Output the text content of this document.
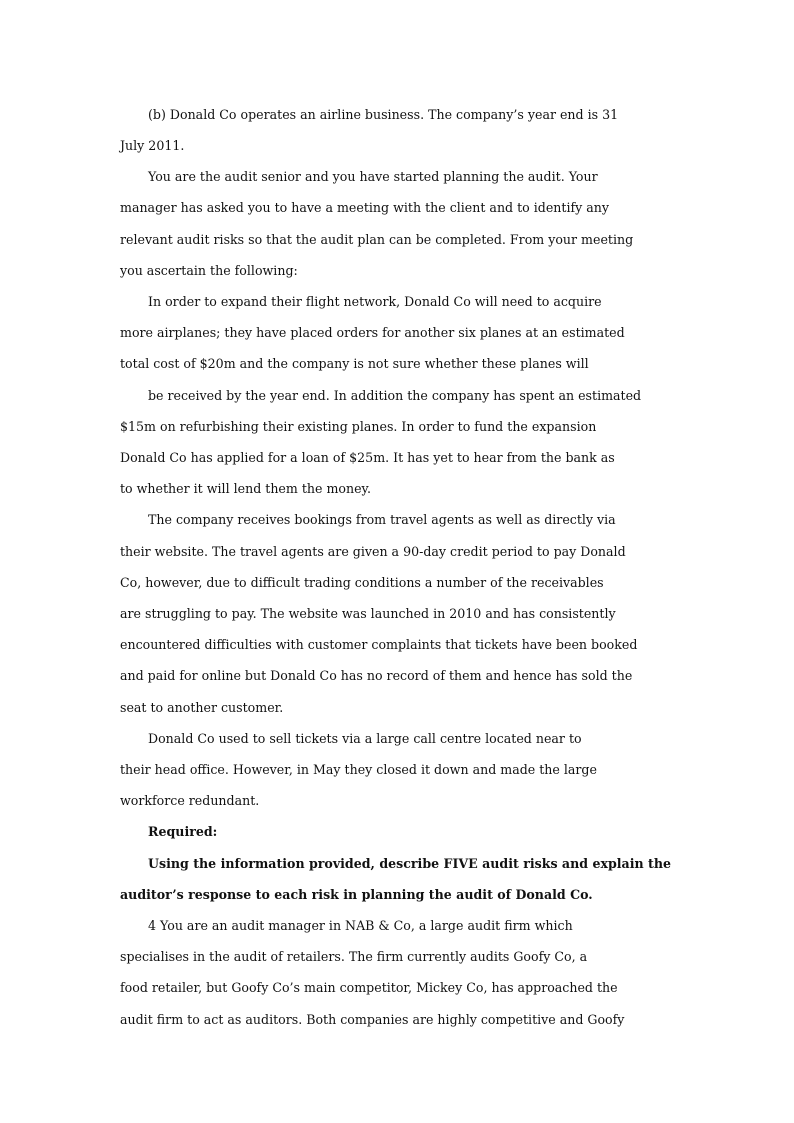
(b) Donald Co operates an airline business. The company’s year end is 31
July 2011.
You are the audit senior and you have started planning the audit. Your
manager has asked you to have a meeting with the client and to identify any
relevant audit risks so that the audit plan can be completed. From your meeting
you ascertain the following:
In order to expand their flight network, Donald Co will need to acquire
more airplanes; they have placed orders for another six planes at an estimated
total cost of $20m and the company is not sure whether these planes will
be received by the year end. In addition the company has spent an estimated
$15m on refurbishing their existing planes. In order to fund the expansion
Donald Co has applied for a loan of $25m. It has yet to hear from the bank as
to whether it will lend them the money.
The company receives bookings from travel agents as well as directly via
their website. The travel agents are given a 90-day credit period to pay Donald
Co, however, due to difficult trading conditions a number of the receivables
are struggling to pay. The website was launched in 2010 and has consistently
encountered difficulties with customer complaints that tickets have been booked
and paid for online but Donald Co has no record of them and hence has sold the
seat to another customer.
Donald Co used to sell tickets via a large call centre located near to
their head office. However, in May they closed it down and made the large
workforce redundant.
Required:
Using the information provided, describe FIVE audit risks and explain the
auditor’s response to each risk in planning the audit of Donald Co.
4 You are an audit manager in NAB & Co, a large audit firm which
specialises in the audit of retailers. The firm currently audits Goofy Co, a
food retailer, but Goofy Co’s main competitor, Mickey Co, has approached the
audit firm to act as auditors. Both companies are highly competitive and Goofy
